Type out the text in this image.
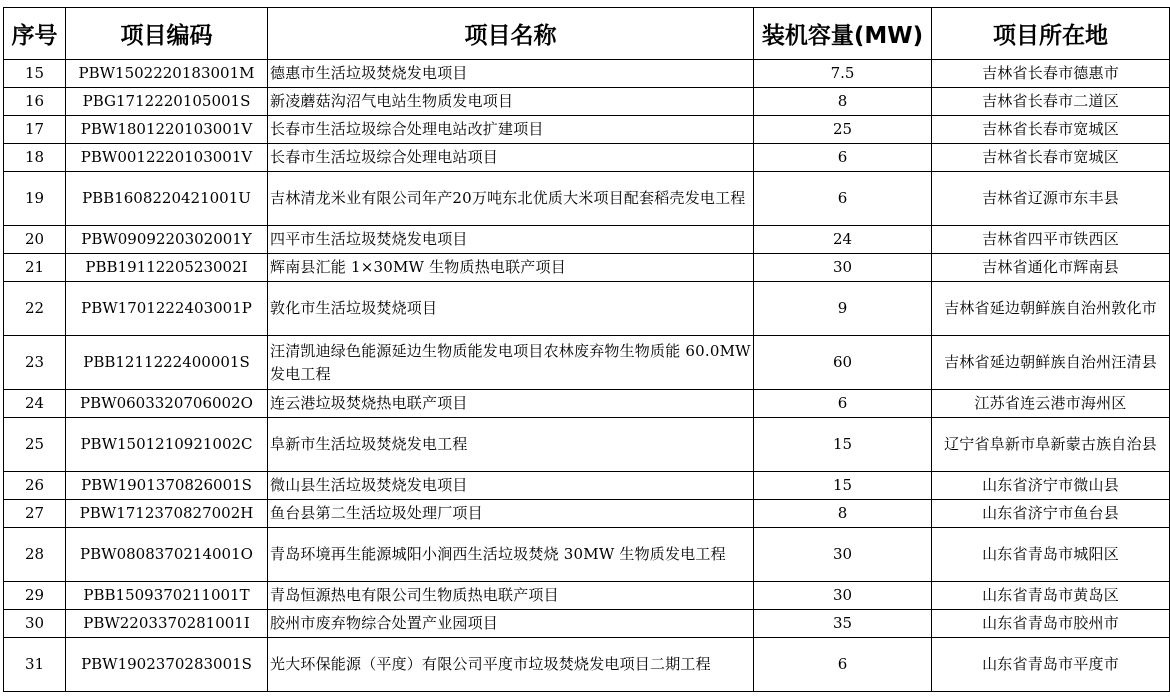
序号	项目编码	项目名称	装机容量(MW)	项目所在地
15	PBW1502220183001M	德惠市生活垃圾焚烧发电项目	7.5	吉林省长春市德惠市
16	PBG1712220105001S	新凌蘑菇沟沼气电站生物质发电项目	8	吉林省长春市二道区
17	PBW1801220103001V	长春市生活垃圾综合处理电站改扩建项目	25	吉林省长春市宽城区
18	PBW0012220103001V	长春市生活垃圾综合处理电站项目	6	吉林省长春市宽城区
19	PBB1608220421001U	吉林清龙米业有限公司年产20万吨东北优质大米项目配套稻壳发电工程	6	吉林省辽源市东丰县
20	PBW0909220302001Y	四平市生活垃圾焚烧发电项目	24	吉林省四平市铁西区
21	PBB1911220523002I	辉南县汇能 1×30MW 生物质热电联产项目	30	吉林省通化市辉南县
22	PBW1701222403001P	敦化市生活垃圾焚烧项目	9	吉林省延边朝鲜族自治州敦化市
23	PBB1211222400001S	汪清凯迪绿色能源延边生物质能发电项目农林废弃物生物质能 60.0MW 发电工程	60	吉林省延边朝鲜族自治州汪清县
24	PBW0603320706002O	连云港垃圾焚烧热电联产项目	6	江苏省连云港市海州区
25	PBW1501210921002C	阜新市生活垃圾焚烧发电工程	15	辽宁省阜新市阜新蒙古族自治县
26	PBW1901370826001S	微山县生活垃圾焚烧发电项目	15	山东省济宁市微山县
27	PBW1712370827002H	鱼台县第二生活垃圾处理厂项目	8	山东省济宁市鱼台县
28	PBW0808370214001O	青岛环境再生能源城阳小涧西生活垃圾焚烧 30MW 生物质发电工程	30	山东省青岛市城阳区
29	PBB1509370211001T	青岛恒源热电有限公司生物质热电联产项目	30	山东省青岛市黄岛区
30	PBW2203370281001I	胶州市废弃物综合处置产业园项目	35	山东省青岛市胶州市
31	PBW1902370283001S	光大环保能源（平度）有限公司平度市垃圾焚烧发电项目二期工程	6	山东省青岛市平度市
